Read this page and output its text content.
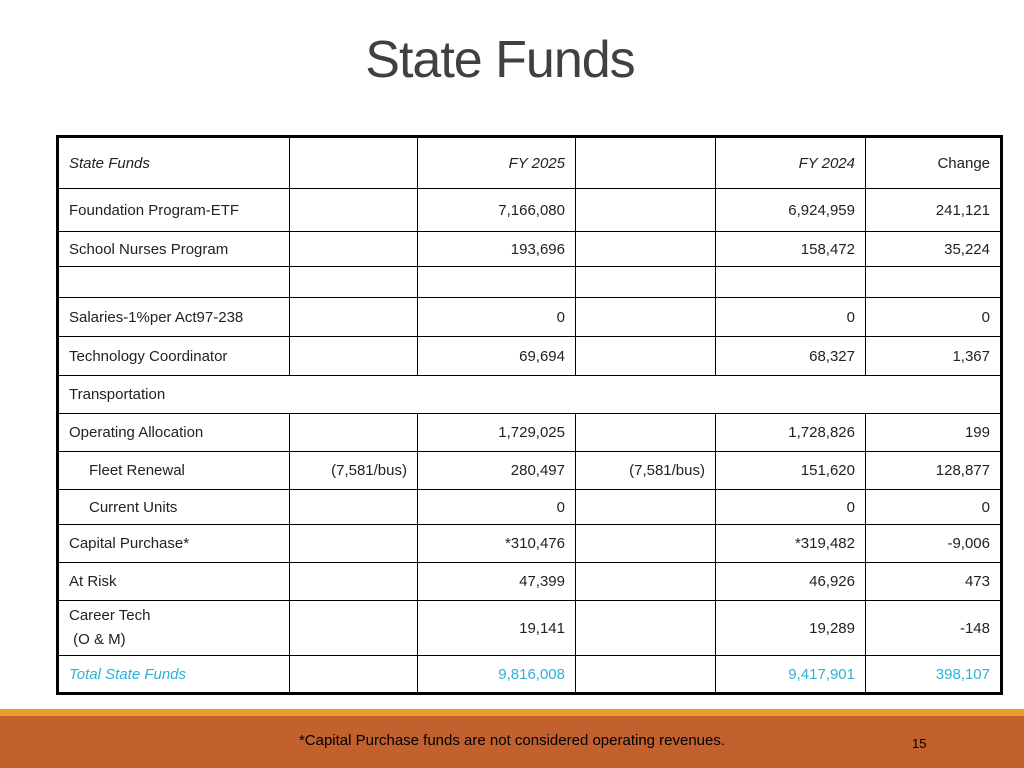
State Funds
State Funds		FY 2025		FY 2024	Change
Foundation Program-ETF		7,166,080		6,924,959	241,121
School Nurses Program		193,696		158,472	35,224

Salaries-1%per Act97-238		0		0	0
Technology Coordinator		69,694		68,327	1,367
Transportation					
Operating Allocation		1,729,025		1,728,826	199
Fleet Renewal	(7,581/bus)	280,497	(7,581/bus)	151,620	128,877
Current Units		0		0	0
Capital Purchase*		*310,476		*319,482	-9,006
At Risk		47,399		46,926	473

Career Tech
(O & M)		19,141		19,289	-148
Total State Funds		9,816,008		9,417,901	398,107
*Capital Purchase funds are not considered operating revenues.	15
